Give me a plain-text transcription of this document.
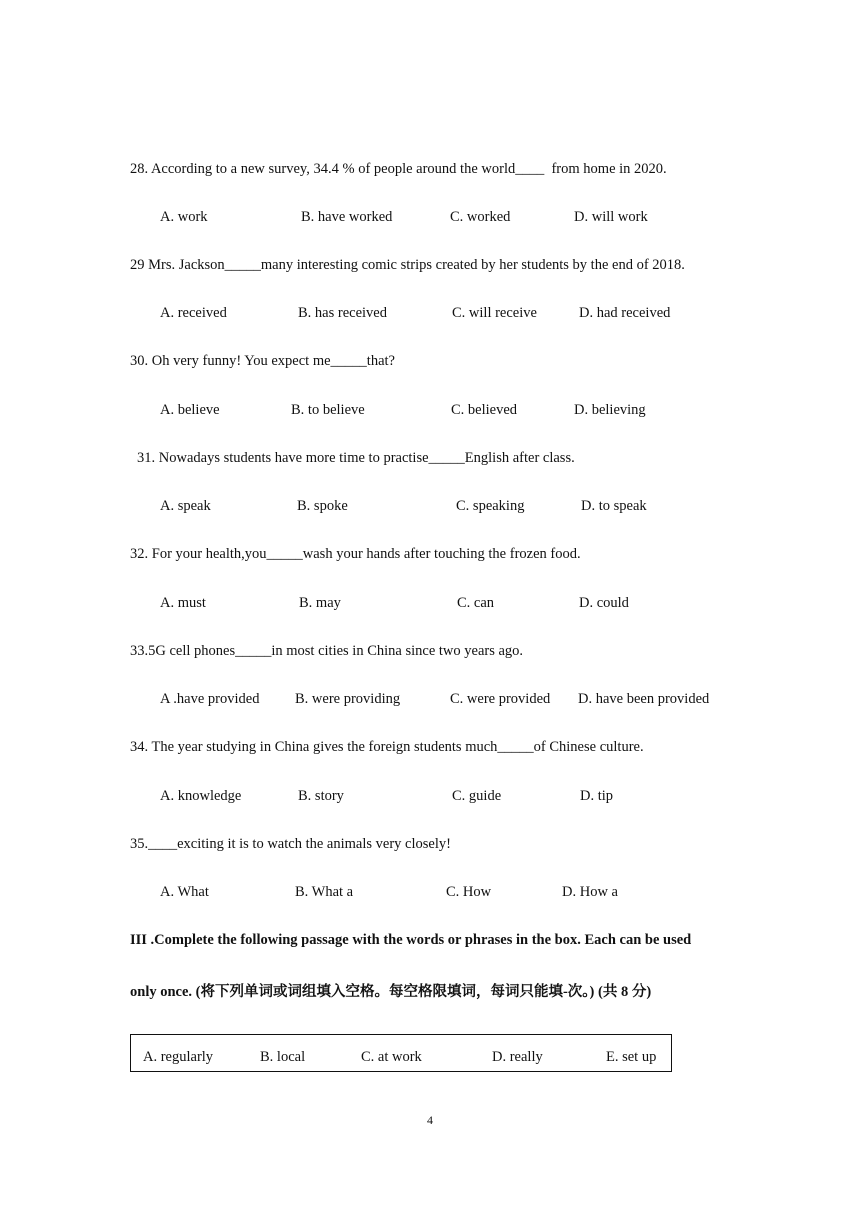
28. According to a new survey, 34.4 % of people around the world____  from home in 2020.
A. work	B. have worked	C. worked	D. will work
29 Mrs. Jackson_____many interesting comic strips created by her students by the end of 2018.
A. received	B. has received	C. will receive	D. had received
30. Oh very funny! You expect me_____that?
A. believe	B. to believe	C. believed	D. believing
31. Nowadays students have more time to practise_____English after class.
A. speak	B. spoke	C. speaking	D. to speak
32. For your health,you_____wash your hands after touching the frozen food.
A. must	B. may	C. can	D. could
33.5G cell phones_____in most cities in China since two years ago.
A .have provided B. were providing	C. were provided D. have been provided
34. The year studying in China gives the foreign students much_____of Chinese culture.
A. knowledge	B. story	C. guide	D. tip
35.____exciting it is to watch the animals very closely!
A. What	B. What a	C. How	D. How a
III .Complete the following passage with the words or phrases in the box. Each can be used
only once. (将下列单词或词组填入空格。每空格限填词，每词只能填-次。) (共 8 分)
A. regularly	B. local	C. at work	D. really	E. set up
4
